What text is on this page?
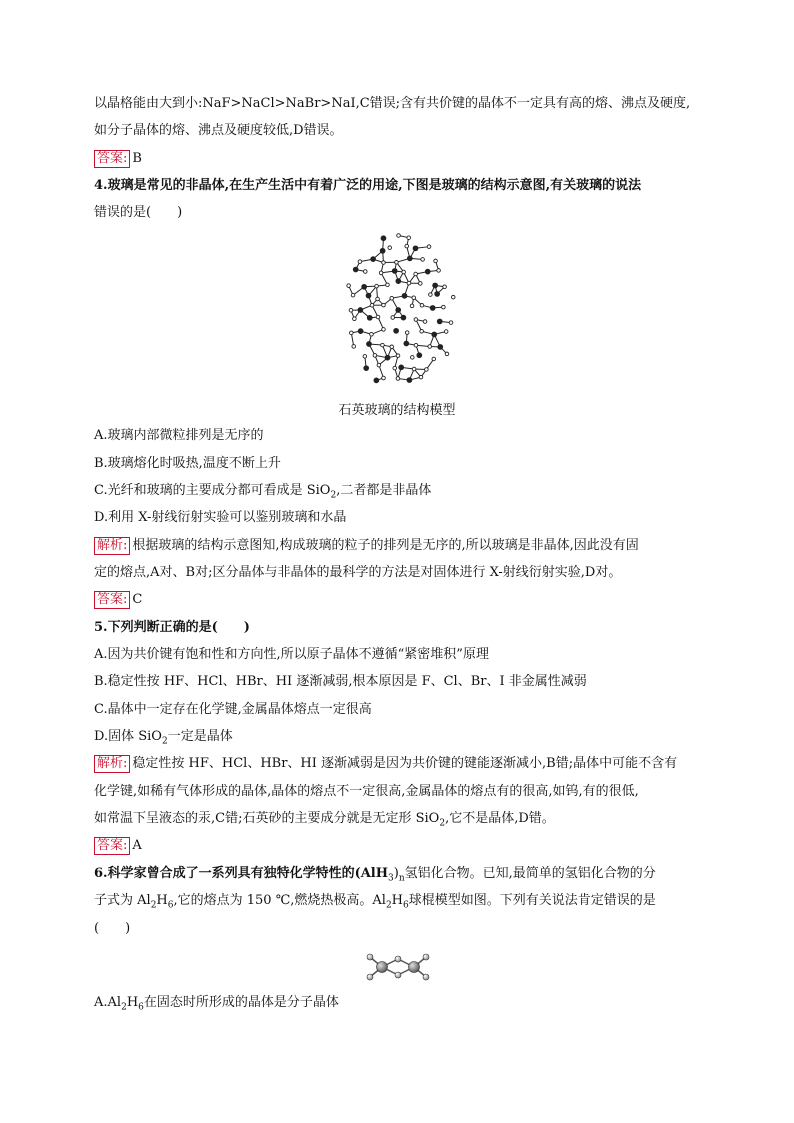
以晶格能由大到小:NaF>NaCl>NaBr>NaI,C错误;含有共价键的晶体不一定具有高的熔、沸点及硬度,
如分子晶体的熔、沸点及硬度较低,D错误。
答案: B
4.玻璃是常见的非晶体,在生产生活中有着广泛的用途,下图是玻璃的结构示意图,有关玻璃的说法
错误的是(　　)
石英玻璃的结构模型
A.玻璃内部微粒排列是无序的
B.玻璃熔化时吸热,温度不断上升
C.光纤和玻璃的主要成分都可看成是 SiO$_2$,二者都是非晶体
D.利用 X-射线衍射实验可以鉴别玻璃和水晶
解析: 根据玻璃的结构示意图知,构成玻璃的粒子的排列是无序的,所以玻璃是非晶体,因此没有固
定的熔点,A对、B对;区分晶体与非晶体的最科学的方法是对固体进行 X-射线衍射实验,D对。
答案: C
5.下列判断正确的是(　　)
A.因为共价键有饱和性和方向性,所以原子晶体不遵循“紧密堆积”原理
B.稳定性按 HF、HCl、HBr、HI 逐渐减弱,根本原因是 F、Cl、Br、I 非金属性减弱
C.晶体中一定存在化学键,金属晶体熔点一定很高
D.固体 SiO$_2$一定是晶体
解析: 稳定性按 HF、HCl、HBr、HI 逐渐减弱是因为共价键的键能逐渐减小,B错;晶体中可能不含有
化学键,如稀有气体形成的晶体,晶体的熔点不一定很高,金属晶体的熔点有的很高,如钨,有的很低,
如常温下呈液态的汞,C错;石英砂的主要成分就是无定形 SiO$_2$,它不是晶体,D错。
答案: A
6.科学家曾合成了一系列具有独特化学特性的$(AlH_3)_n$氢铝化合物。已知,最简单的氢铝化合物的分
子式为 $Al_2H_6$,它的熔点为 150 ℃,燃烧热极高。$Al_2H_6$球棍模型如图。下列有关说法肯定错误的是
(　　)
$A.Al_2H_6$在固态时所形成的晶体是分子晶体
